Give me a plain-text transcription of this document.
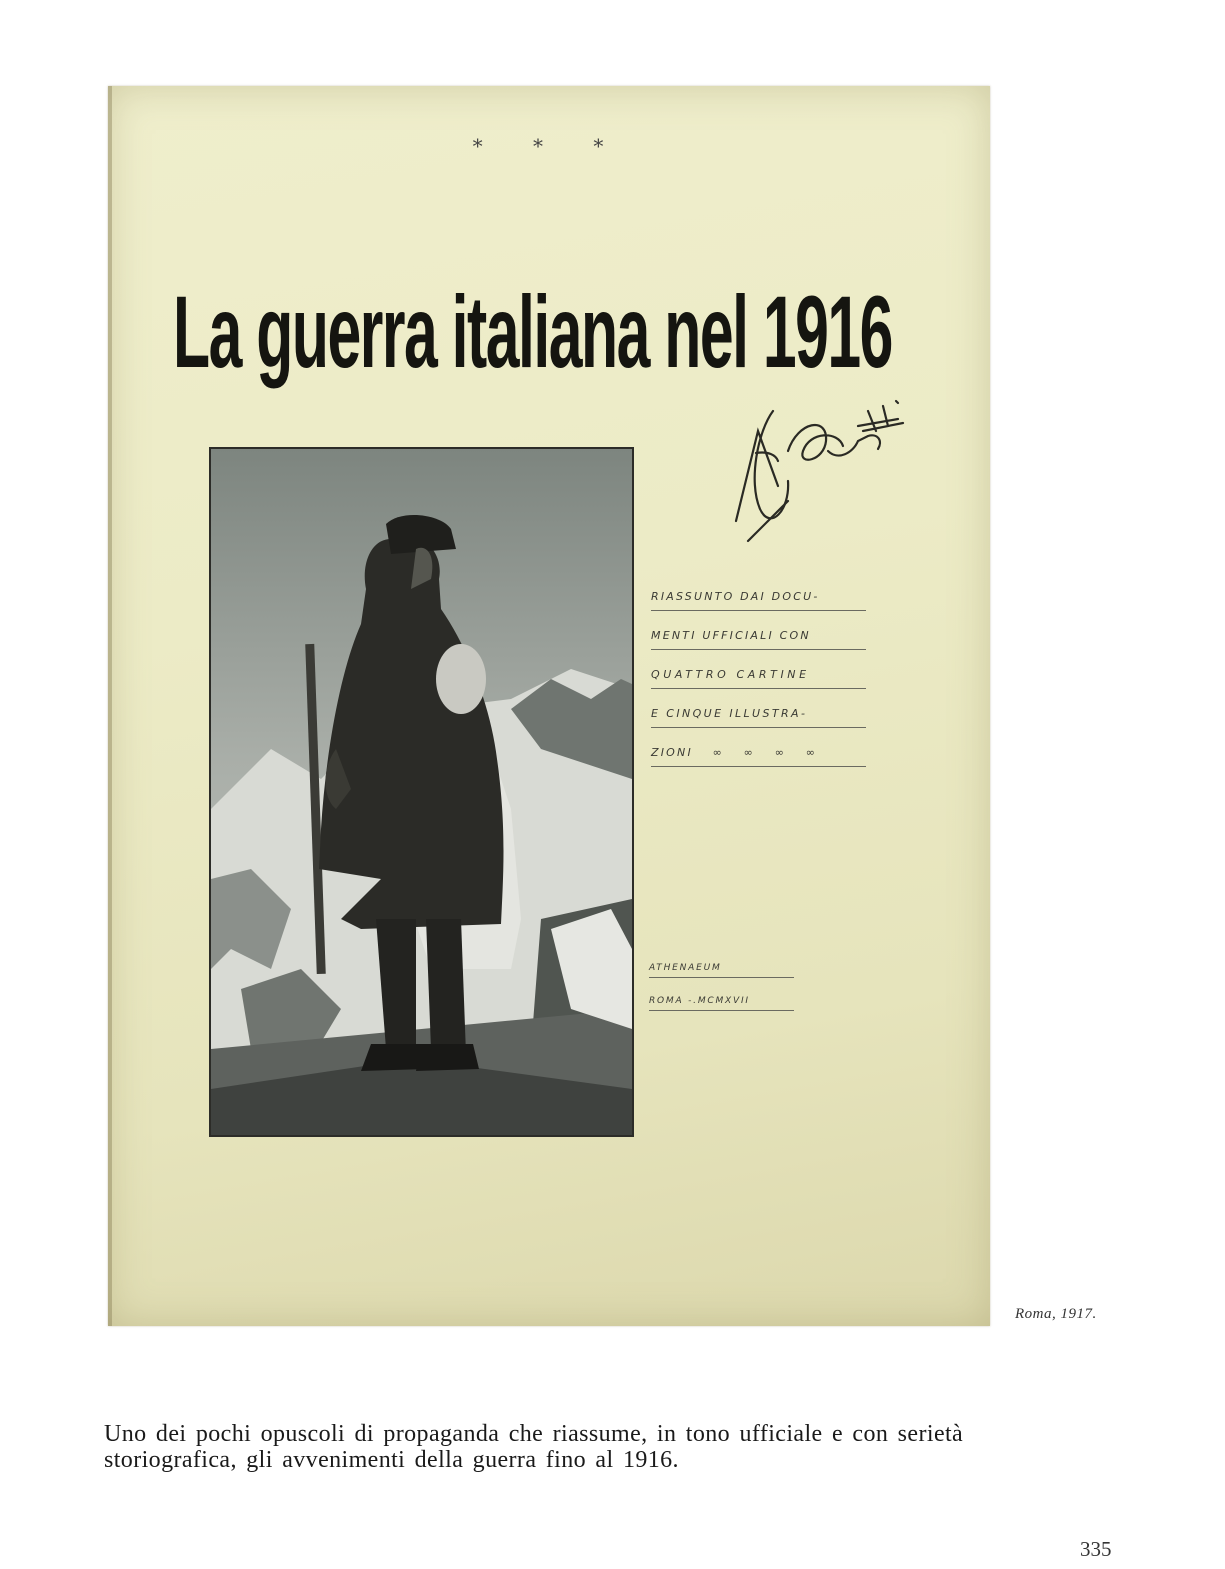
* * *
La guerra italiana nel 1916
RIASSUNTO DAI DOCU-
MENTI UFFICIALI CON
QUATTRO CARTINE
E CINQUE ILLUSTRA-
ZIONI ∞ ∞ ∞ ∞
ATHENAEUM
ROMA -.MCMXVII
Roma, 1917.
Uno dei pochi opuscoli di propaganda che riassume, in tono ufficiale e con serietà storiografica, gli avvenimenti della guerra fino al 1916.
335
